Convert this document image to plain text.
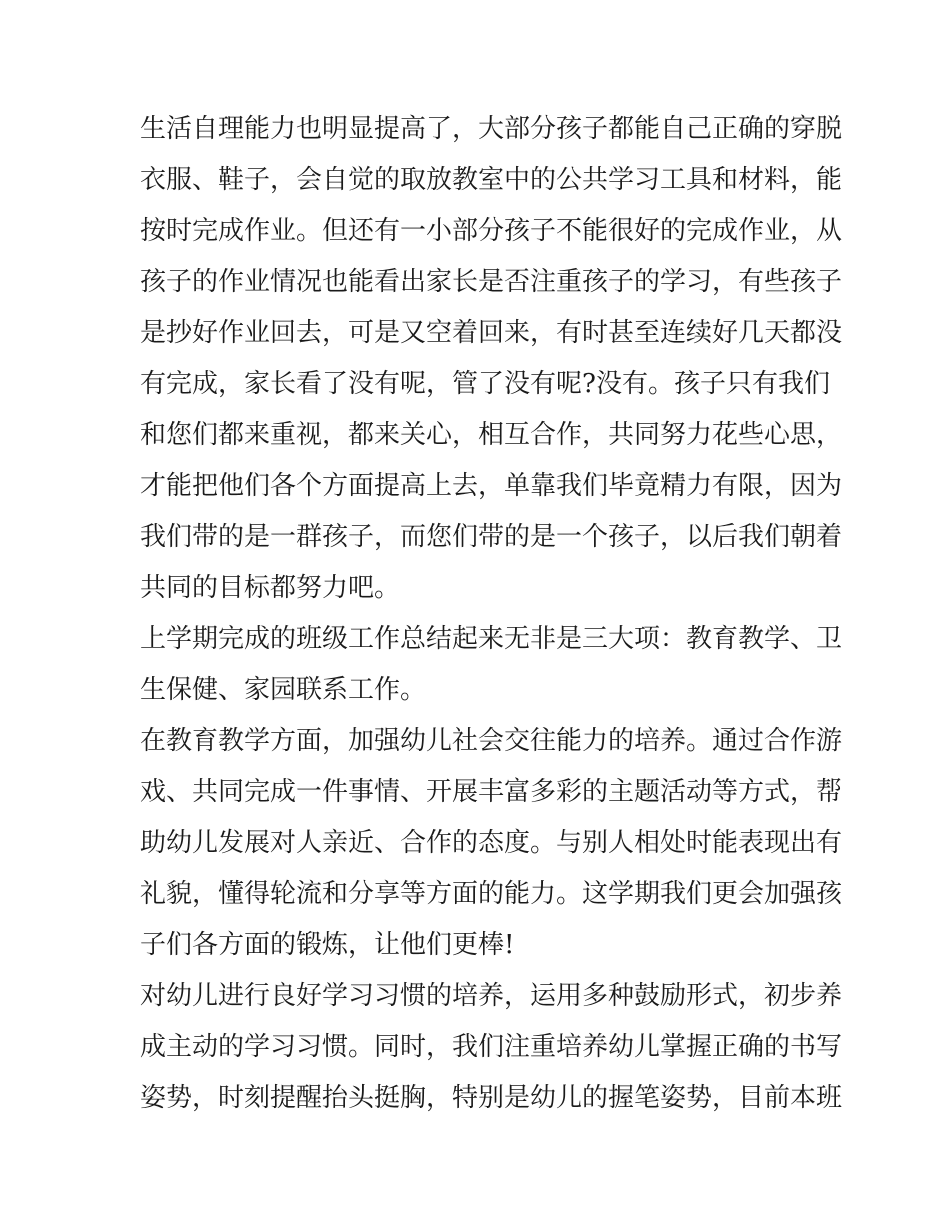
生活自理能力也明显提高了，大部分孩子都能自己正确的穿脱
衣服、鞋子，会自觉的取放教室中的公共学习工具和材料，能
按时完成作业。但还有一小部分孩子不能很好的完成作业，从
孩子的作业情况也能看出家长是否注重孩子的学习，有些孩子
是抄好作业回去，可是又空着回来，有时甚至连续好几天都没
有完成，家长看了没有呢，管了没有呢?没有。孩子只有我们
和您们都来重视，都来关心，相互合作，共同努力花些心思，
才能把他们各个方面提高上去，单靠我们毕竟精力有限，因为
我们带的是一群孩子，而您们带的是一个孩子，以后我们朝着
共同的目标都努力吧。
上学期完成的班级工作总结起来无非是三大项：教育教学、卫
生保健、家园联系工作。
在教育教学方面，加强幼儿社会交往能力的培养。通过合作游
戏、共同完成一件事情、开展丰富多彩的主题活动等方式，帮
助幼儿发展对人亲近、合作的态度。与别人相处时能表现出有
礼貌，懂得轮流和分享等方面的能力。这学期我们更会加强孩
子们各方面的锻炼，让他们更棒!
对幼儿进行良好学习习惯的培养，运用多种鼓励形式，初步养
成主动的学习习惯。同时，我们注重培养幼儿掌握正确的书写
姿势，时刻提醒抬头挺胸，特别是幼儿的握笔姿势，目前本班
